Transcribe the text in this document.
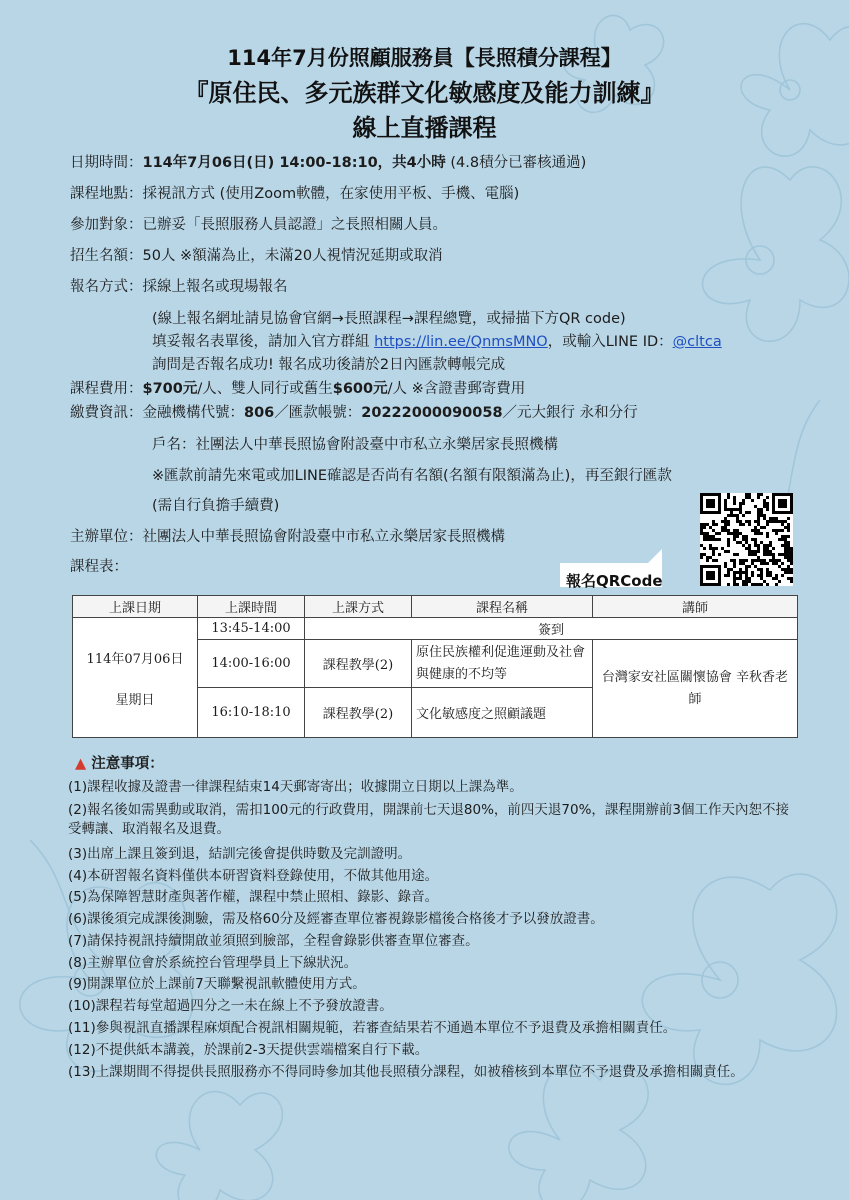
114年7月份照顧服務員【長照積分課程】
『原住民、多元族群文化敏感度及能力訓練』
線上直播課程
日期時間：114年7月06日(日) 14:00-18:10，共4小時 (4.8積分已審核通過)
課程地點：採視訊方式 (使用Zoom軟體，在家使用平板、手機、電腦)
參加對象：已辦妥「長照服務人員認證」之長照相關人員。
招生名額：50人 ※額滿為止，未滿20人視情況延期或取消
報名方式：採線上報名或現場報名
(線上報名網址請見協會官網→長照課程→課程總覽，或掃描下方QR code)
填妥報名表單後，請加入官方群組 https://lin.ee/QnmsMNO，或輸入LINE ID：@cltca
詢問是否報名成功! 報名成功後請於2日內匯款轉帳完成
課程費用：$700元/人、雙人同行或舊生$600元/人 ※含證書郵寄費用
繳費資訊：金融機構代號：806／匯款帳號：20222000090058／元大銀行 永和分行
戶名：社團法人中華長照協會附設臺中市私立永樂居家長照機構
※匯款前請先來電或加LINE確認是否尚有名額(名額有限額滿為止)，再至銀行匯款
(需自行負擔手續費)
主辦單位：社團法人中華長照協會附設臺中市私立永樂居家長照機構
課程表：
報名QRCode
上課日期	上課時間	上課方式	課程名稱	講師

114年07月06日
星期日	13:45-14:00	簽到		
	14:00-16:00	課程教學(2)	原住民族權利促進運動及社會與健康的不均等	台灣家安社區關懷協會 辛秋香老師
	16:10-18:10	課程教學(2)	文化敏感度之照顧議題	
▲ 注意事項：
(1)課程收據及證書一律課程結束14天郵寄寄出；收據開立日期以上課為準。
(2)報名後如需異動或取消，需扣100元的行政費用，開課前七天退80%，前四天退70%，課程開辦前3個工作天內恕不接受轉讓、取消報名及退費。
(3)出席上課且簽到退，結訓完後會提供時數及完訓證明。
(4)本研習報名資料僅供本研習資料登錄使用，不做其他用途。
(5)為保障智慧財產與著作權，課程中禁止照相、錄影、錄音。
(6)課後須完成課後測驗，需及格60分及經審查單位審視錄影檔後合格後才予以發放證書。
(7)請保持視訊持續開啟並須照到臉部，全程會錄影供審查單位審查。
(8)主辦單位會於系統控台管理學員上下線狀況。
(9)開課單位於上課前7天聯繫視訊軟體使用方式。
(10)課程若每堂超過四分之一未在線上不予發放證書。
(11)參與視訊直播課程麻煩配合視訊相關規範，若審查結果若不通過本單位不予退費及承擔相關責任。
(12)不提供紙本講義，於課前2-3天提供雲端檔案自行下載。
(13)上課期間不得提供長照服務亦不得同時參加其他長照積分課程，如被稽核到本單位不予退費及承擔相關責任。
